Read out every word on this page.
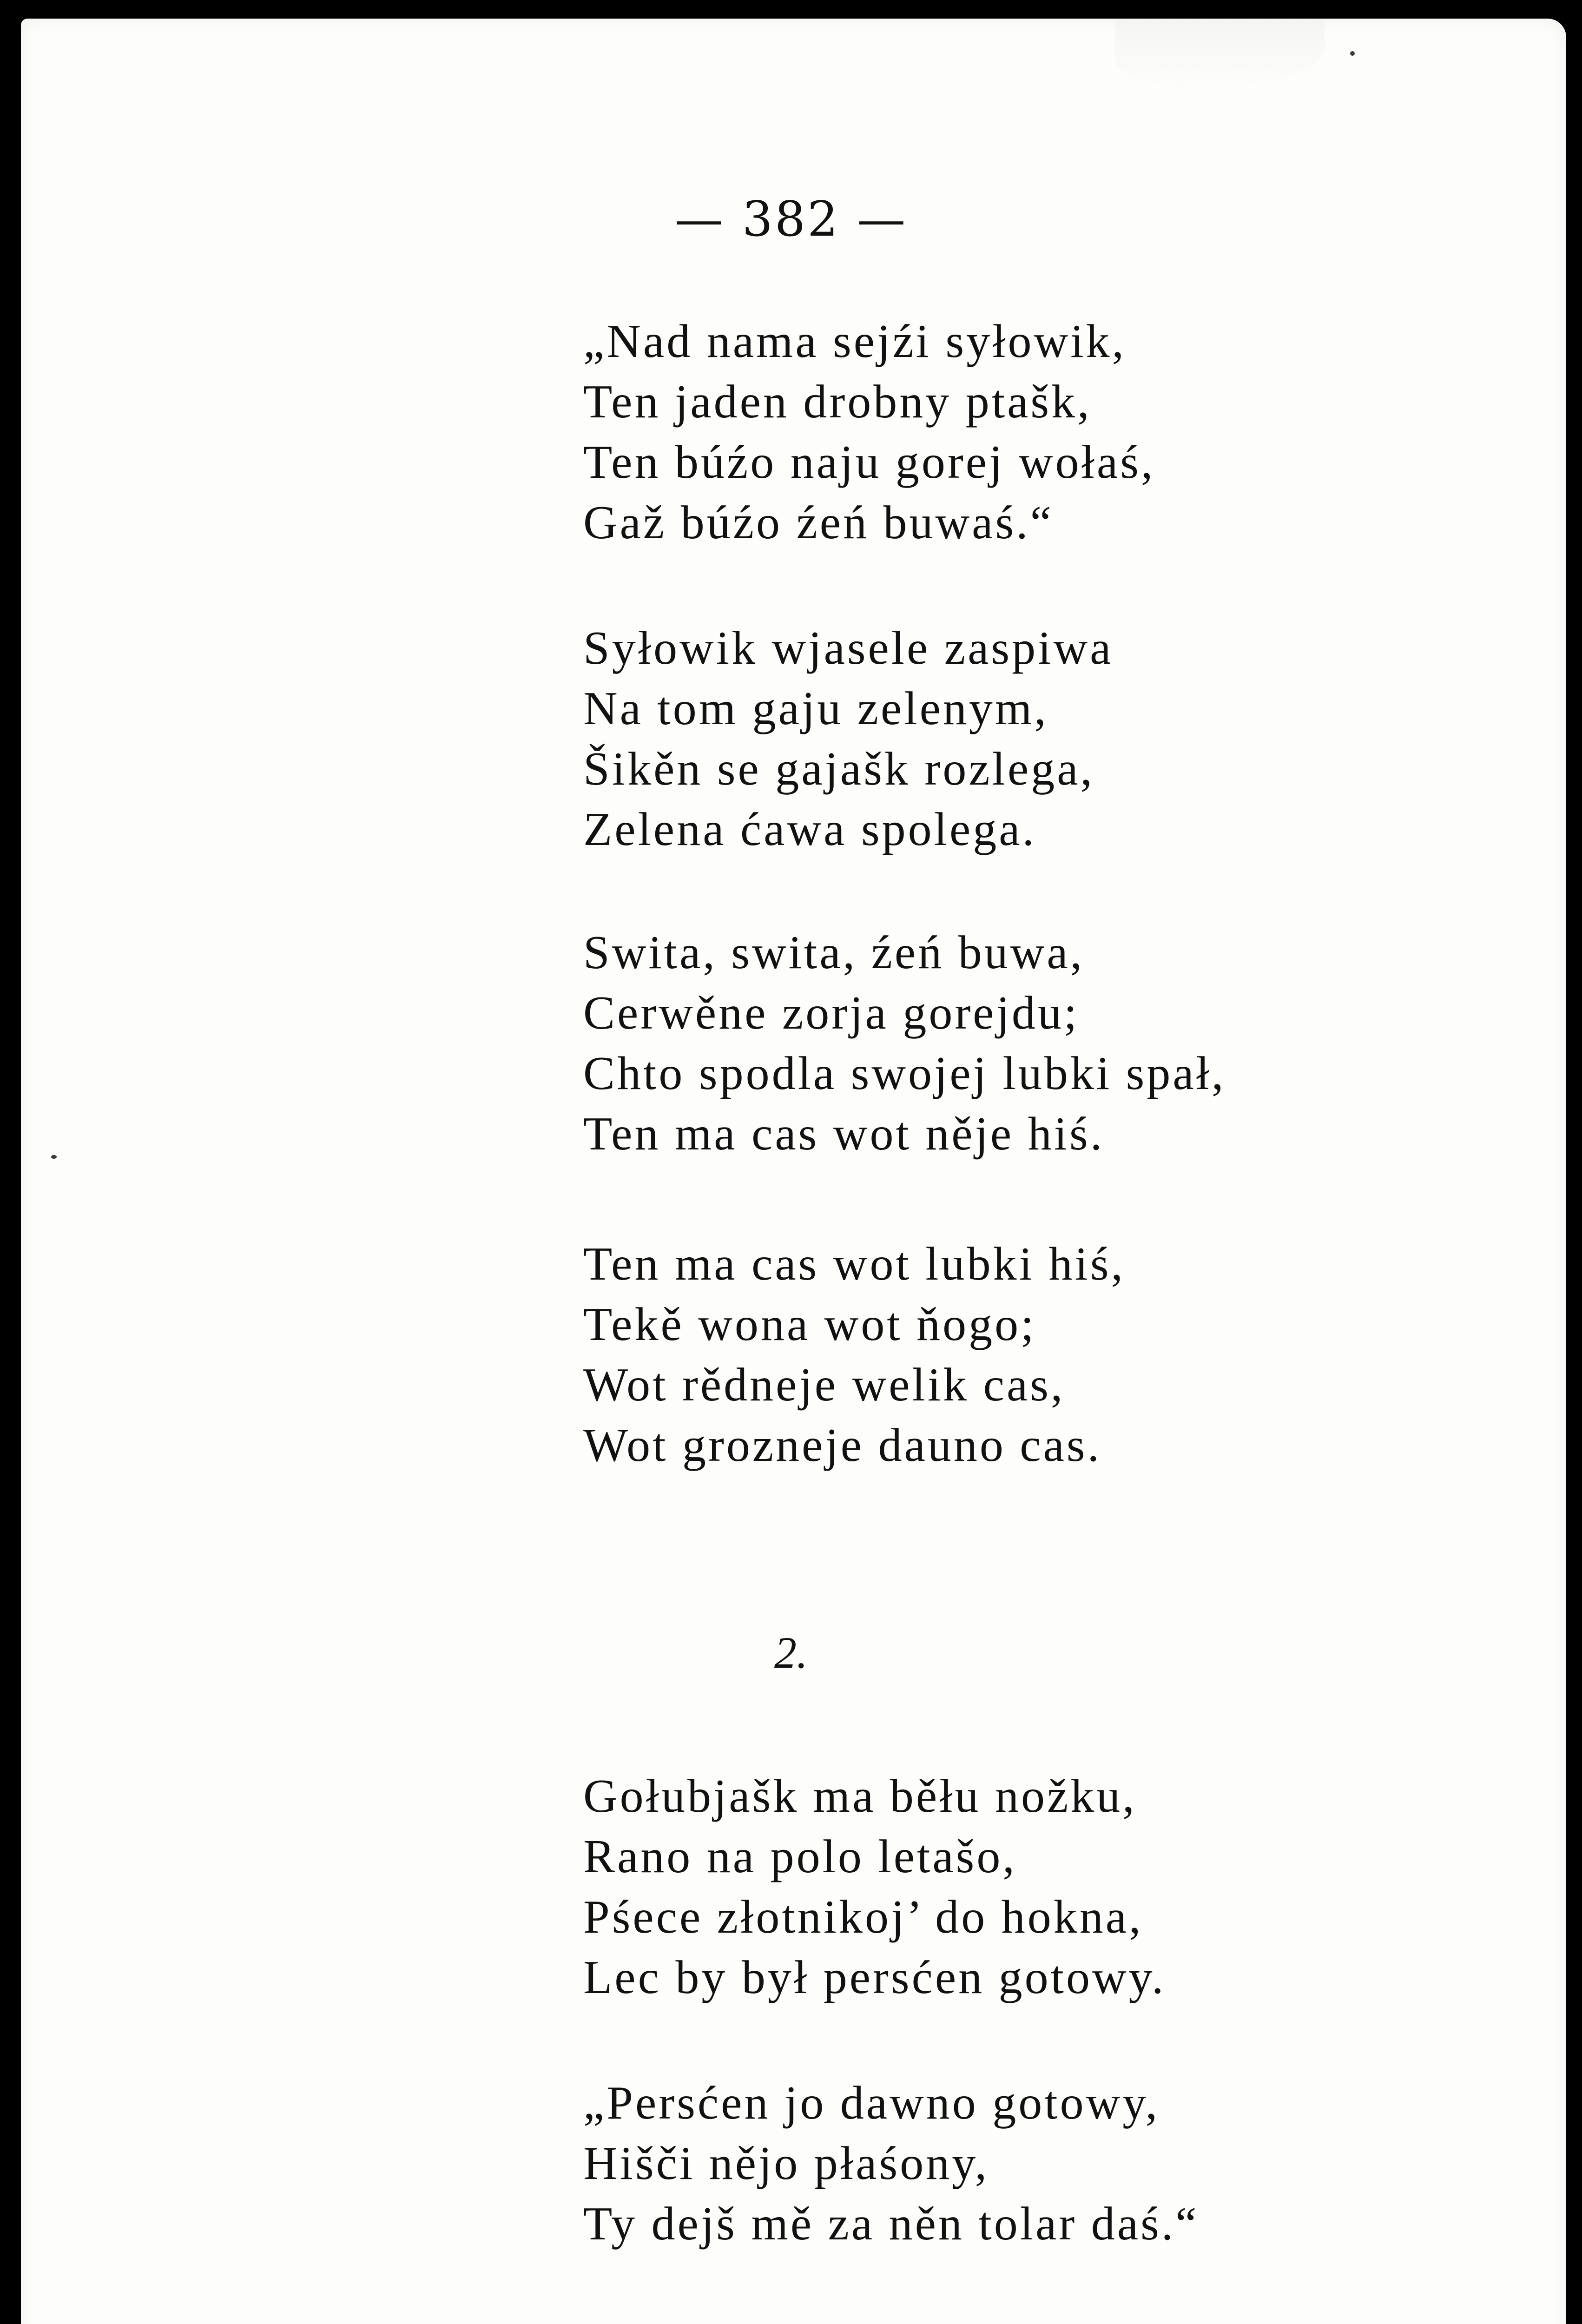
— 382 —
„Nad nama sejźi syłowik,
Ten jaden drobny ptašk,
Ten búźo naju gorej wołaś,
Gaž búźo źeń buwaś.“
Syłowik wjasele zaspiwa
Na tom gaju zelenym,
Šikěn se gajašk rozlega,
Zelena ćawa spolega.
Swita, swita, źeń buwa,
Cerwěne zorja gorejdu;
Chto spodla swojej lubki spał,
Ten ma cas wot něje hiś.
Ten ma cas wot lubki hiś,
Tekě wona wot ňogo;
Wot rědneje welik cas,
Wot grozneje dauno cas.
2.
Gołubjašk ma běłu nožku,
Rano na polo letašo,
Pśece złotnikoj’ do hokna,
Lec by był persćen gotowy.
„Persćen jo dawno gotowy,
Hišči nějo płaśony,
Ty dejš mě za něn tolar daś.“
